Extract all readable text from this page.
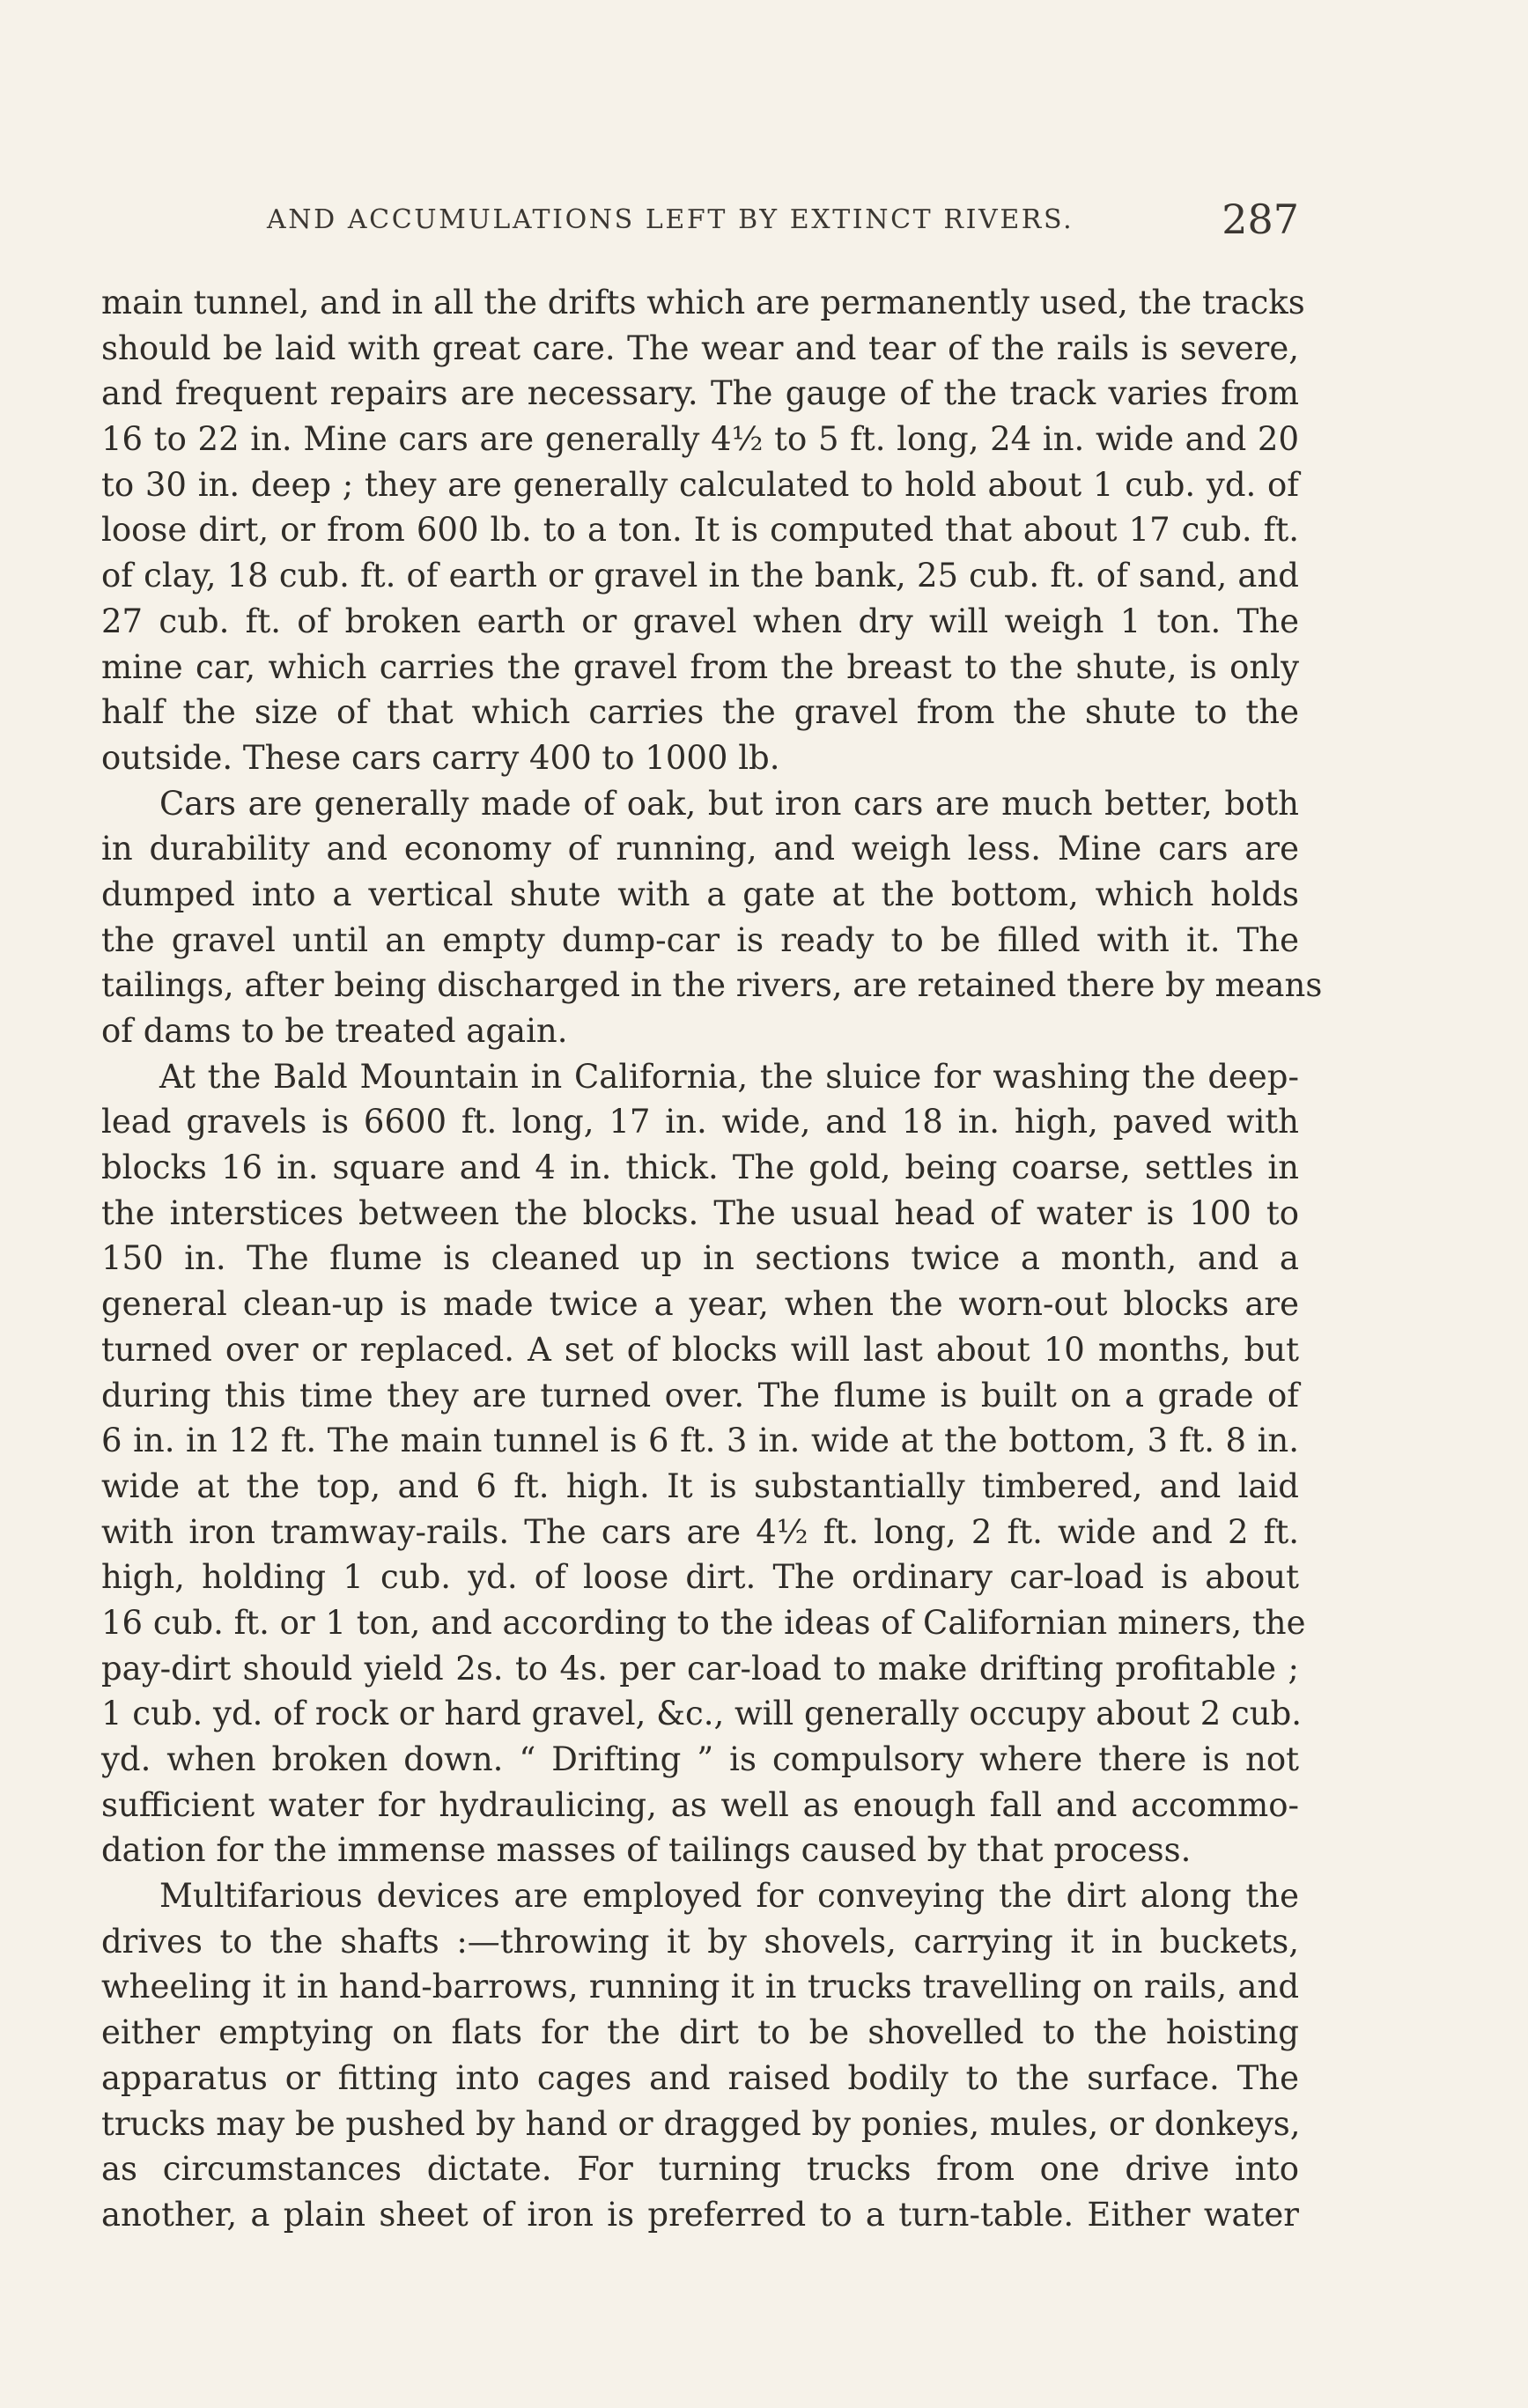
AND ACCUMULATIONS LEFT BY EXTINCT RIVERS.	287
main tunnel, and in all the drifts which are permanently used, the tracks
should be laid with great care. The wear and tear of the rails is severe,
and frequent repairs are necessary. The gauge of the track varies from
16 to 22 in. Mine cars are generally 4½ to 5 ft. long, 24 in. wide and 20
to 30 in. deep ; they are generally calculated to hold about 1 cub. yd. of
loose dirt, or from 600 lb. to a ton. It is computed that about 17 cub. ft.
of clay, 18 cub. ft. of earth or gravel in the bank, 25 cub. ft. of sand, and
27 cub. ft. of broken earth or gravel when dry will weigh 1 ton. The
mine car, which carries the gravel from the breast to the shute, is only
half the size of that which carries the gravel from the shute to the
outside. These cars carry 400 to 1000 lb.
Cars are generally made of oak, but iron cars are much better, both
in durability and economy of running, and weigh less. Mine cars are
dumped into a vertical shute with a gate at the bottom, which holds
the gravel until an empty dump-car is ready to be filled with it. The
tailings, after being discharged in the rivers, are retained there by means
of dams to be treated again.
At the Bald Mountain in California, the sluice for washing the deep-
lead gravels is 6600 ft. long, 17 in. wide, and 18 in. high, paved with
blocks 16 in. square and 4 in. thick. The gold, being coarse, settles in
the interstices between the blocks. The usual head of water is 100 to
150 in. The flume is cleaned up in sections twice a month, and a
general clean-up is made twice a year, when the worn-out blocks are
turned over or replaced. A set of blocks will last about 10 months, but
during this time they are turned over. The flume is built on a grade of
6 in. in 12 ft. The main tunnel is 6 ft. 3 in. wide at the bottom, 3 ft. 8 in.
wide at the top, and 6 ft. high. It is substantially timbered, and laid
with iron tramway-rails. The cars are 4½ ft. long, 2 ft. wide and 2 ft.
high, holding 1 cub. yd. of loose dirt. The ordinary car-load is about
16 cub. ft. or 1 ton, and according to the ideas of Californian miners, the
pay-dirt should yield 2s. to 4s. per car-load to make drifting profitable ;
1 cub. yd. of rock or hard gravel, &c., will generally occupy about 2 cub.
yd. when broken down. “ Drifting ” is compulsory where there is not
sufficient water for hydraulicing, as well as enough fall and accommo-
dation for the immense masses of tailings caused by that process.
Multifarious devices are employed for conveying the dirt along the
drives to the shafts :—throwing it by shovels, carrying it in buckets,
wheeling it in hand-barrows, running it in trucks travelling on rails, and
either emptying on flats for the dirt to be shovelled to the hoisting
apparatus or fitting into cages and raised bodily to the surface. The
trucks may be pushed by hand or dragged by ponies, mules, or donkeys,
as circumstances dictate. For turning trucks from one drive into
another, a plain sheet of iron is preferred to a turn-table. Either water
